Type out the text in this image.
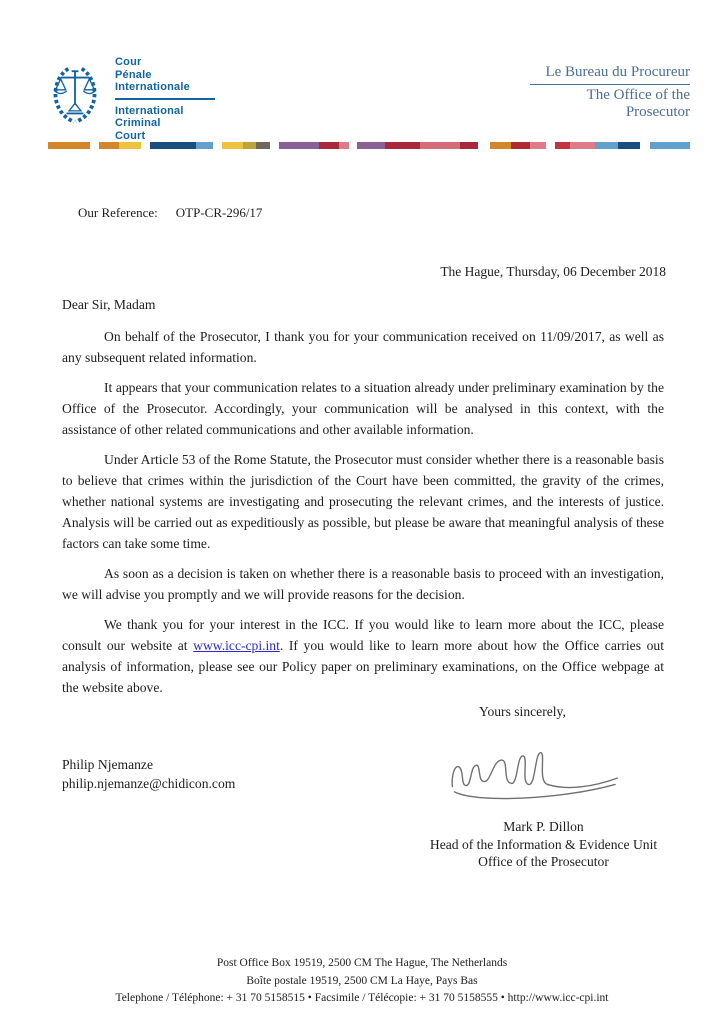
Cour
Pénale
Internationale
International
Criminal
Court
Le Bureau du Procureur
The Office of the Prosecutor
Our Reference: OTP-CR-296/17
The Hague, Thursday, 06 December 2018
Dear Sir, Madam

On behalf of the Prosecutor, I thank you for your communication received on 11/09/2017, as well as any subsequent related information.

It appears that your communication relates to a situation already under preliminary examination by the Office of the Prosecutor. Accordingly, your communication will be analysed in this context, with the assistance of other related communications and other available information.

Under Article 53 of the Rome Statute, the Prosecutor must consider whether there is a reasonable basis to believe that crimes within the jurisdiction of the Court have been committed, the gravity of the crimes, whether national systems are investigating and prosecuting the relevant crimes, and the interests of justice. Analysis will be carried out as expeditiously as possible, but please be aware that meaningful analysis of these factors can take some time.

As soon as a decision is taken on whether there is a reasonable basis to proceed with an investigation, we will advise you promptly and we will provide reasons for the decision.

We thank you for your interest in the ICC. If you would like to learn more about the ICC, please consult our website at www.icc-cpi.int. If you would like to learn more about how the Office carries out analysis of information, please see our Policy paper on preliminary examinations, on the Office webpage at the website above.

Yours sincerely,
Philip Njemanze
philip.njemanze@chidicon.com
Mark P. Dillon
Head of the Information & Evidence Unit
Office of the Prosecutor
Post Office Box 19519, 2500 CM The Hague, The Netherlands
Boîte postale 19519, 2500 CM La Haye, Pays Bas
Telephone / Téléphone: + 31 70 5158515 • Facsimile / Télécopie: + 31 70 5158555 • http://www.icc-cpi.int
